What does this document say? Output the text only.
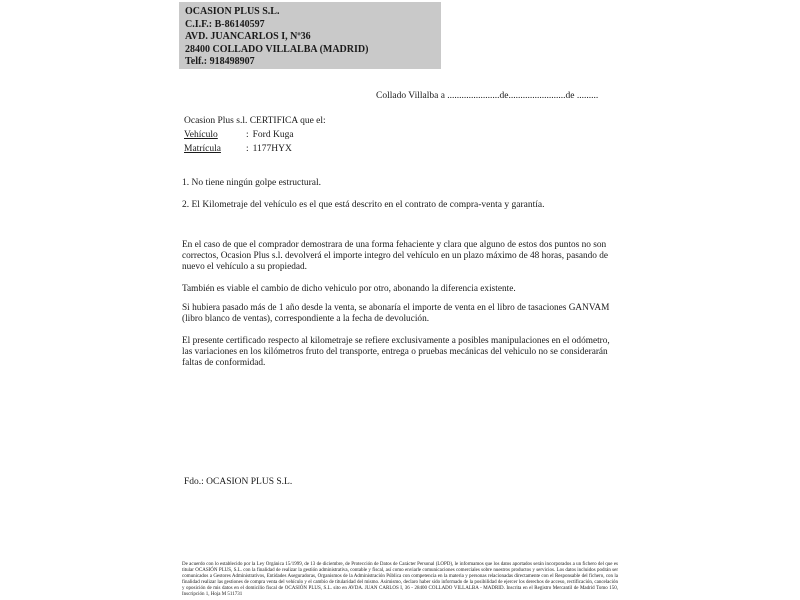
OCASION PLUS S.L.
C.I.F.: B-86140597
AVD. JUANCARLOS I, Nº36
28400 COLLADO VILLALBA (MADRID)
Telf.: 918498907
Collado Villalba a ......................de........................de .........
Ocasion Plus s.l. CERTIFICA que el:
Vehículo	: Ford Kuga
Matrícula	: 1177HYX
1. No tiene ningún golpe estructural.
2. El Kilometraje del vehículo es el que está descrito en el contrato de compra-venta y garantía.
En el caso de que el comprador demostrara de una forma fehaciente y clara que alguno de estos dos puntos no son correctos, Ocasion Plus s.l. devolverá el importe integro del vehículo en un plazo máximo de 48 horas, pasando de nuevo el vehículo a su propiedad.
También es viable el cambio de dicho vehiculo por otro, abonando la diferencia existente.
Si hubiera pasado más de 1 año desde la venta, se abonaría el importe de venta en el libro de tasaciones GANVAM (libro blanco de ventas), correspondiente a la fecha de devolución.
El presente certificado respecto al kilometraje se refiere exclusivamente a posibles manipulaciones en el odómetro, las variaciones en los kilómetros fruto del transporte, entrega o pruebas mecánicas del vehiculo no se considerarán faltas de conformidad.
Fdo.: OCASION PLUS S.L.
De acuerdo con lo establecido por la Ley Orgánica 15/1999, de 13 de diciembre, de Protección de Datos de Carácter Personal (LOPD), le informamos que los datos aportados serán incorporados a un fichero del que es titular OCASIÓN PLUS, S.L. con la finalidad de realizar la gestión administrativa, contable y fiscal, así como enviarle comunicaciones comerciales sobre nuestros productos y servicios. Los datos incluidos podrán ser comunicados a Gestores Administrativos, Entidades Aseguradoras, Organismos de la Administración Pública con competencia en la materia y personas relacionadas directamente con el Responsable del fichero, con la finalidad realizar las gestiones de compra venta del vehículo y el cambio de titularidad del mismo. Asimismo, declaro haber sido informado de la posibilidad de ejercer los derechos de acceso, rectificación, cancelación y oposición de mis datos en el domicilio fiscal de OCASIÓN PLUS, S.L. sito en AVDA. JUAN CARLOS I, 36 - 28400 COLLADO VILLALBA - MADRID. Inscrita en el Registro Mercantil de Madrid Tomo 150, Inscripción 1, Hoja M 511731
